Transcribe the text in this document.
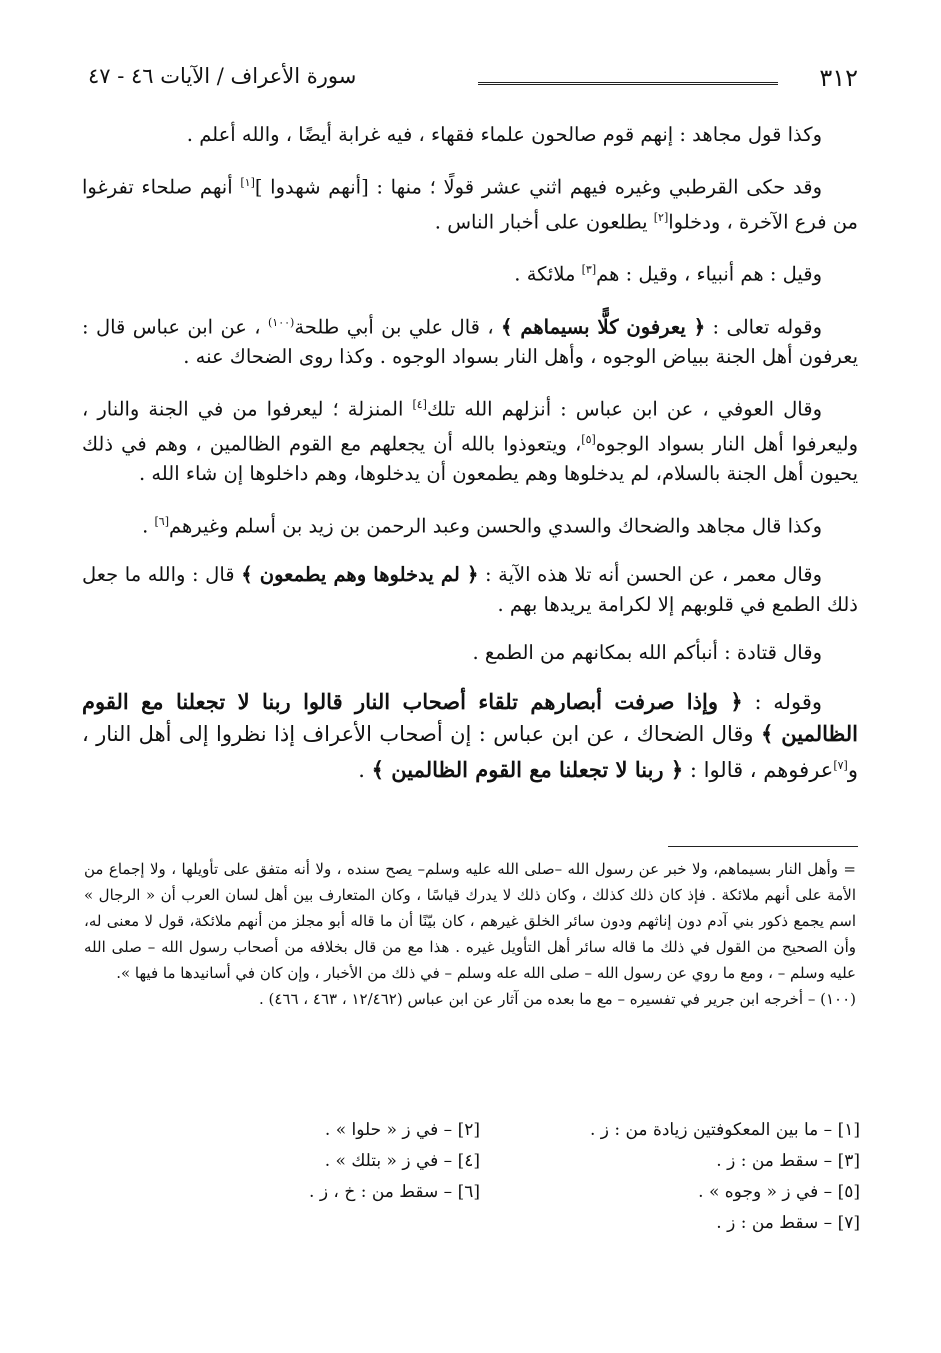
٣١٢
سورة الأعراف / الآيات ٤٦ - ٤٧

وكذا قول مجاهد : إنهم قوم صالحون علماء فقهاء ، فيه غرابة أيضًا ، والله أعلم .

وقد حكى القرطبي وغيره فيهم اثني عشر قولًا ؛ منها : [أنهم شهدوا ][١] أنهم صلحاء تفرغوا من فرع الآخرة ، ودخلوا[٢] يطلعون على أخبار الناس .

وقيل : هم أنبياء ، وقيل : هم[٣] ملائكة .

وقوله تعالى : ﴿ يعرفون كلًّا بسيماهم ﴾ ، قال علي بن أبي طلحة$^{(١٠٠)}$ ، عن ابن عباس قال : يعرفون أهل الجنة ببياض الوجوه ، وأهل النار بسواد الوجوه . وكذا روى الضحاك عنه .

وقال العوفي ، عن ابن عباس : أنزلهم الله تلك[٤] المنزلة ؛ ليعرفوا من في الجنة والنار ، وليعرفوا أهل النار بسواد الوجوه[٥]، ويتعوذوا بالله أن يجعلهم مع القوم الظالمين ، وهم في ذلك يحيون أهل الجنة بالسلام، لم يدخلوها وهم يطمعون أن يدخلوها، وهم داخلوها إن شاء الله .

وكذا قال مجاهد والضحاك والسدي والحسن وعبد الرحمن بن زيد بن أسلم وغيرهم[٦] .

وقال معمر ، عن الحسن أنه تلا هذه الآية : ﴿ لم يدخلوها وهم يطمعون ﴾ قال : والله ما جعل ذلك الطمع في قلوبهم إلا لكرامة يريدها بهم .

وقال قتادة : أنبأكم الله بمكانهم من الطمع .

وقوله : ﴿ وإذا صرفت أبصارهم تلقاء أصحاب النار قالوا ربنا لا تجعلنا مع القوم الظالمين ﴾ وقال الضحاك ، عن ابن عباس : إن أصحاب الأعراف إذا نظروا إلى أهل النار ، و[٧]عرفوهم ، قالوا : ﴿ ربنا لا تجعلنا مع القوم الظالمين ﴾ .

= وأهل النار بسيماهم، ولا خبر عن رسول الله –صلى الله عليه وسلم– يصح سنده ، ولا أنه متفق على تأويلها ، ولا إجماع من الأمة على أنهم ملائكة . فإذ كان ذلك كذلك ، وكان ذلك لا يدرك قياسًا ، وكان المتعارف بين أهل لسان العرب أن « الرجال » اسم يجمع ذكور بني آدم دون إناثهم ودون سائر الخلق غيرهم ، كان بيّنًا أن ما قاله أبو مجلز من أنهم ملائكة، قول لا معنى له، وأن الصحيح من القول في ذلك ما قاله سائر أهل التأويل غيره . هذا مع من قال بخلافه من أصحاب رسول الله – صلى الله عليه وسلم – ، ومع ما روي عن رسول الله – صلى الله عله وسلم – في ذلك من الأخبار ، وإن كان في أسانيدها ما فيها ».

(١٠٠) – أخرجه ابن جرير في تفسيره – مع ما بعده من آثار عن ابن عباس (١٢/٤٦٢ ، ٤٦٣ ، ٤٦٦) .

[١] – ما بين المعكوفتين زيادة من : ز .
[٣] – سقط من : ز .
[٥] – في ز « وجوه » .
[٧] – سقط من : ز .
[٢] – في ز « حلوا » .
[٤] – في ز « بتلك » .
[٦] – سقط من : خ ، ز .
